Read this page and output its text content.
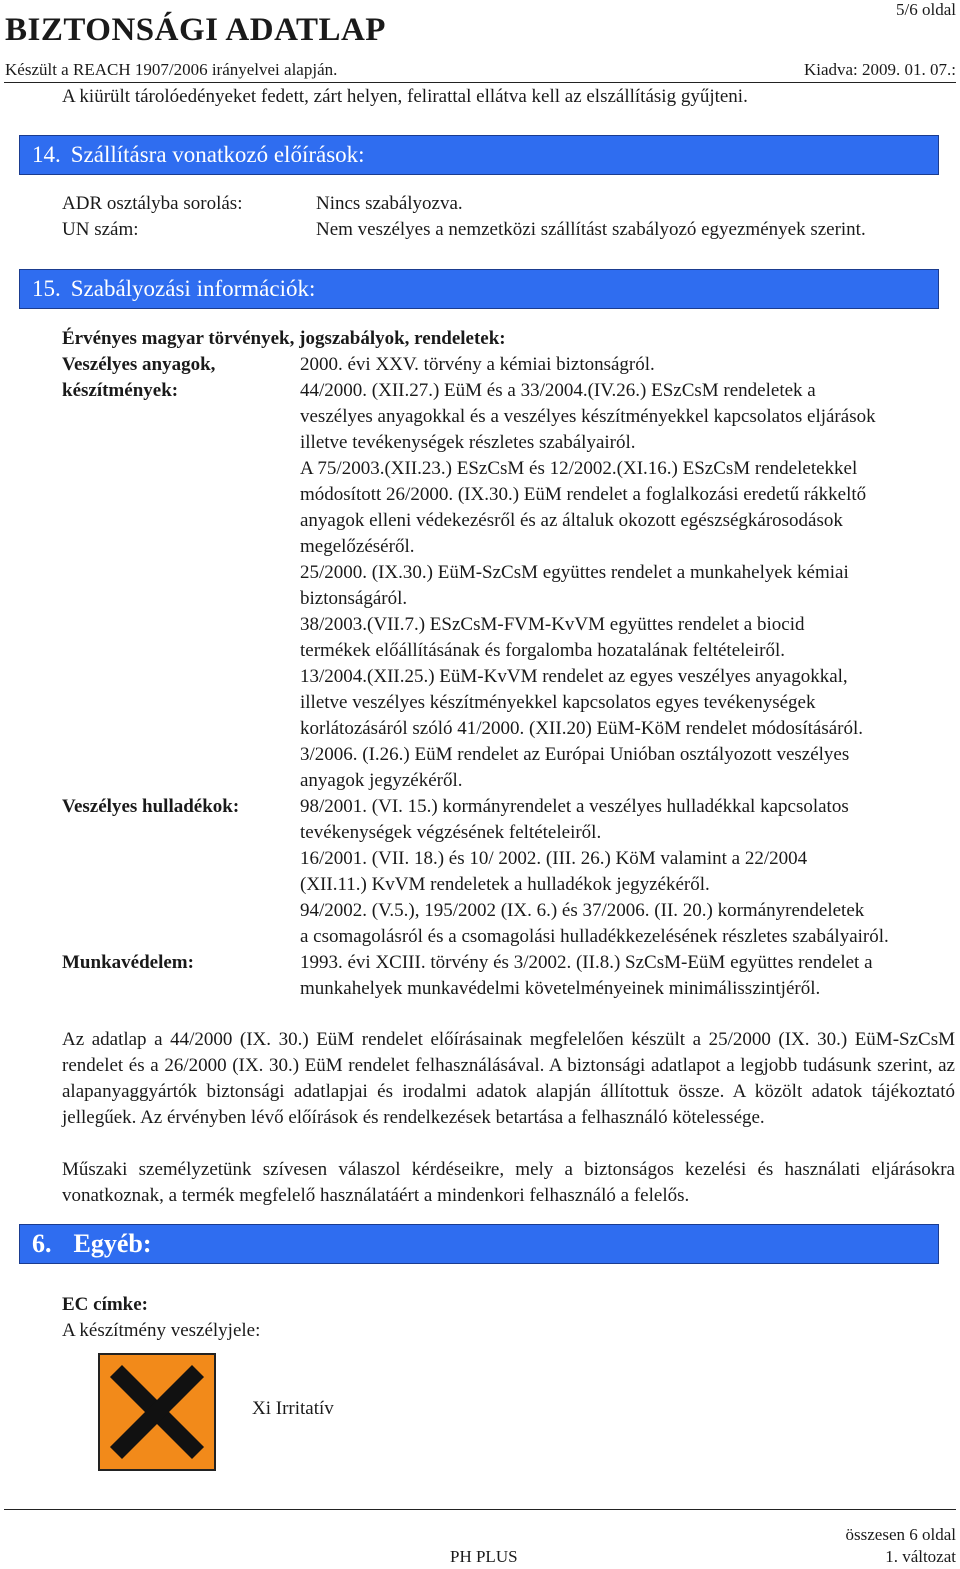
BIZTONSÁGI ADATLAP
5/6 oldal
Készült a REACH 1907/2006 irányelvei alapján.	Kiadva: 2009. 01. 07.:
A kiürült tárolóedényeket fedett, zárt helyen, felirattal ellátva kell az elszállításig gyűjteni.
14. Szállításra vonatkozó előírások:
ADR osztályba sorolás:	Nincs szabályozva.
UN szám:	Nem veszélyes a nemzetközi szállítást szabályozó egyezmények szerint.
15. Szabályozási információk:
Érvényes magyar törvények, jogszabályok, rendeletek:
Veszélyes anyagok,
készítmények:
2000. évi XXV. törvény a kémiai biztonságról.
44/2000. (XII.27.) EüM és a 33/2004.(IV.26.) ESzCsM rendeletek a
veszélyes anyagokkal és a veszélyes készítményekkel kapcsolatos eljárások
illetve tevékenységek részletes szabályairól.
A 75/2003.(XII.23.) ESzCsM és 12/2002.(XI.16.) ESzCsM rendeletekkel
módosított 26/2000. (IX.30.) EüM rendelet a foglalkozási eredetű rákkeltő
anyagok elleni védekezésről és az általuk okozott egészségkárosodások
megelőzéséről.
25/2000. (IX.30.) EüM-SzCsM együttes rendelet a munkahelyek kémiai
biztonságáról.
38/2003.(VII.7.) ESzCsM-FVM-KvVM együttes rendelet a biocid
termékek előállításának és forgalomba hozatalának feltételeiről.
13/2004.(XII.25.) EüM-KvVM rendelet az egyes veszélyes anyagokkal,
illetve veszélyes készítményekkel kapcsolatos egyes tevékenységek
korlátozásáról szóló 41/2000. (XII.20) EüM-KöM rendelet módosításáról.
3/2006. (I.26.) EüM rendelet az Európai Unióban osztályozott veszélyes
anyagok jegyzékéről.
Veszélyes hulladékok:	98/2001. (VI. 15.) kormányrendelet a veszélyes hulladékkal kapcsolatos
tevékenységek végzésének feltételeiről.
16/2001. (VII. 18.) és 10/ 2002. (III. 26.) KöM valamint a 22/2004
(XII.11.) KvVM rendeletek a hulladékok jegyzékéről.
94/2002. (V.5.), 195/2002 (IX. 6.) és 37/2006. (II. 20.) kormányrendeletek
a csomagolásról és a csomagolási hulladékkezelésének részletes szabályairól.
Munkavédelem:	1993. évi XCIII. törvény és 3/2002. (II.8.) SzCsM-EüM együttes rendelet a
munkahelyek munkavédelmi követelményeinek minimálisszintjéről.
Az adatlap a 44/2000 (IX. 30.) EüM rendelet előírásainak megfelelően készült a 25/2000 (IX. 30.) EüM-SzCsM rendelet és a 26/2000 (IX. 30.) EüM rendelet felhasználásával. A biztonsági adatlapot a legjobb tudásunk szerint, az alapanyaggyártók biztonsági adatlapjai és irodalmi adatok alapján állítottuk össze. A közölt adatok tájékoztató jellegűek. Az érvényben lévő előírások és rendelkezések betartása a felhasználó kötelessége.
Műszaki személyzetünk szívesen válaszol kérdéseikre, mely a biztonságos kezelési és használati eljárásokra vonatkoznak, a termék megfelelő használatáért a mindenkori felhasználó a felelős.
6. Egyéb:
EC címke:
A készítmény veszélyjele:
Xi Irritatív
összesen 6 oldal
PH PLUS	1. változat
